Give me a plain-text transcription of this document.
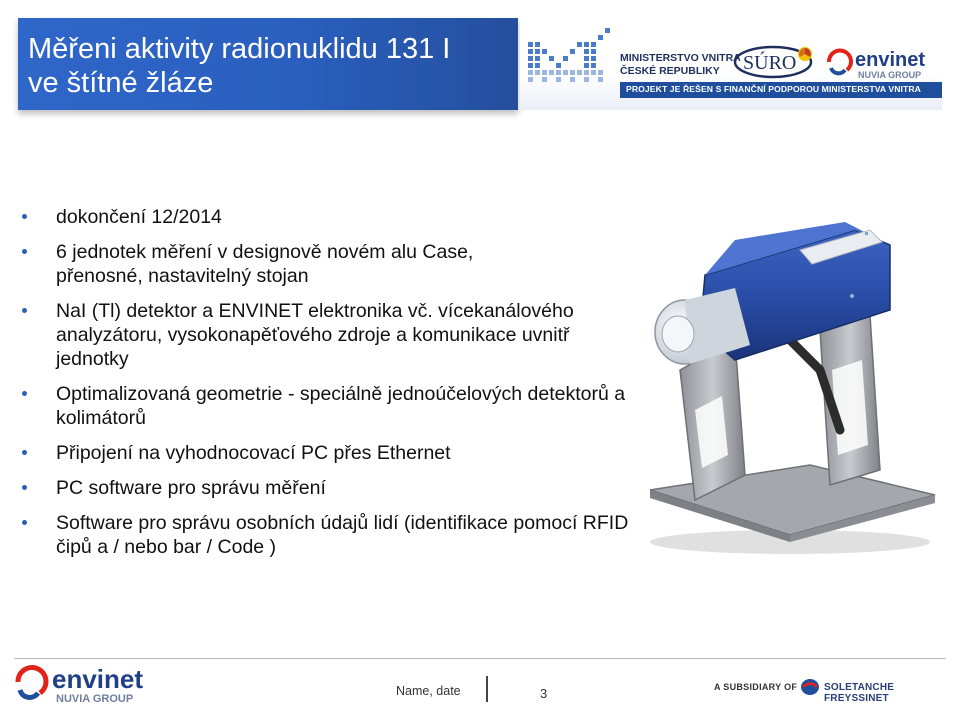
Měřeni aktivity radionuklidu 131 I
ve štítné žláze
MINISTERSTVO VNITRA
ČESKÉ REPUBLIKY	SÚRO	envinet
NUVIA GROUP
PROJEKT JE ŘEŠEN S FINANČNÍ PODPOROU MINISTERSTVA VNITRA
dokončení 12/2014
6 jednotek měření v designově novém alu Case, přenosné, nastavitelný stojan
NaI (Tl) detektor a ENVINET elektronika vč. vícekanálového analyzátoru, vysokonapěťového zdroje a komunikace uvnitř jednotky
Optimalizovaná geometrie - speciálně jednoúčelových detektorů a kolimátorů
Připojení na vyhodnocovací PC přes Ethernet
PC software pro správu měření
Software pro správu osobních údajů lidí (identifikace pomocí RFID čipů a / nebo bar / Code )
envinet
NUVIA GROUP
Name, date	3	A SUBSIDIARY OF	SOLETANCHE FREYSSINET
